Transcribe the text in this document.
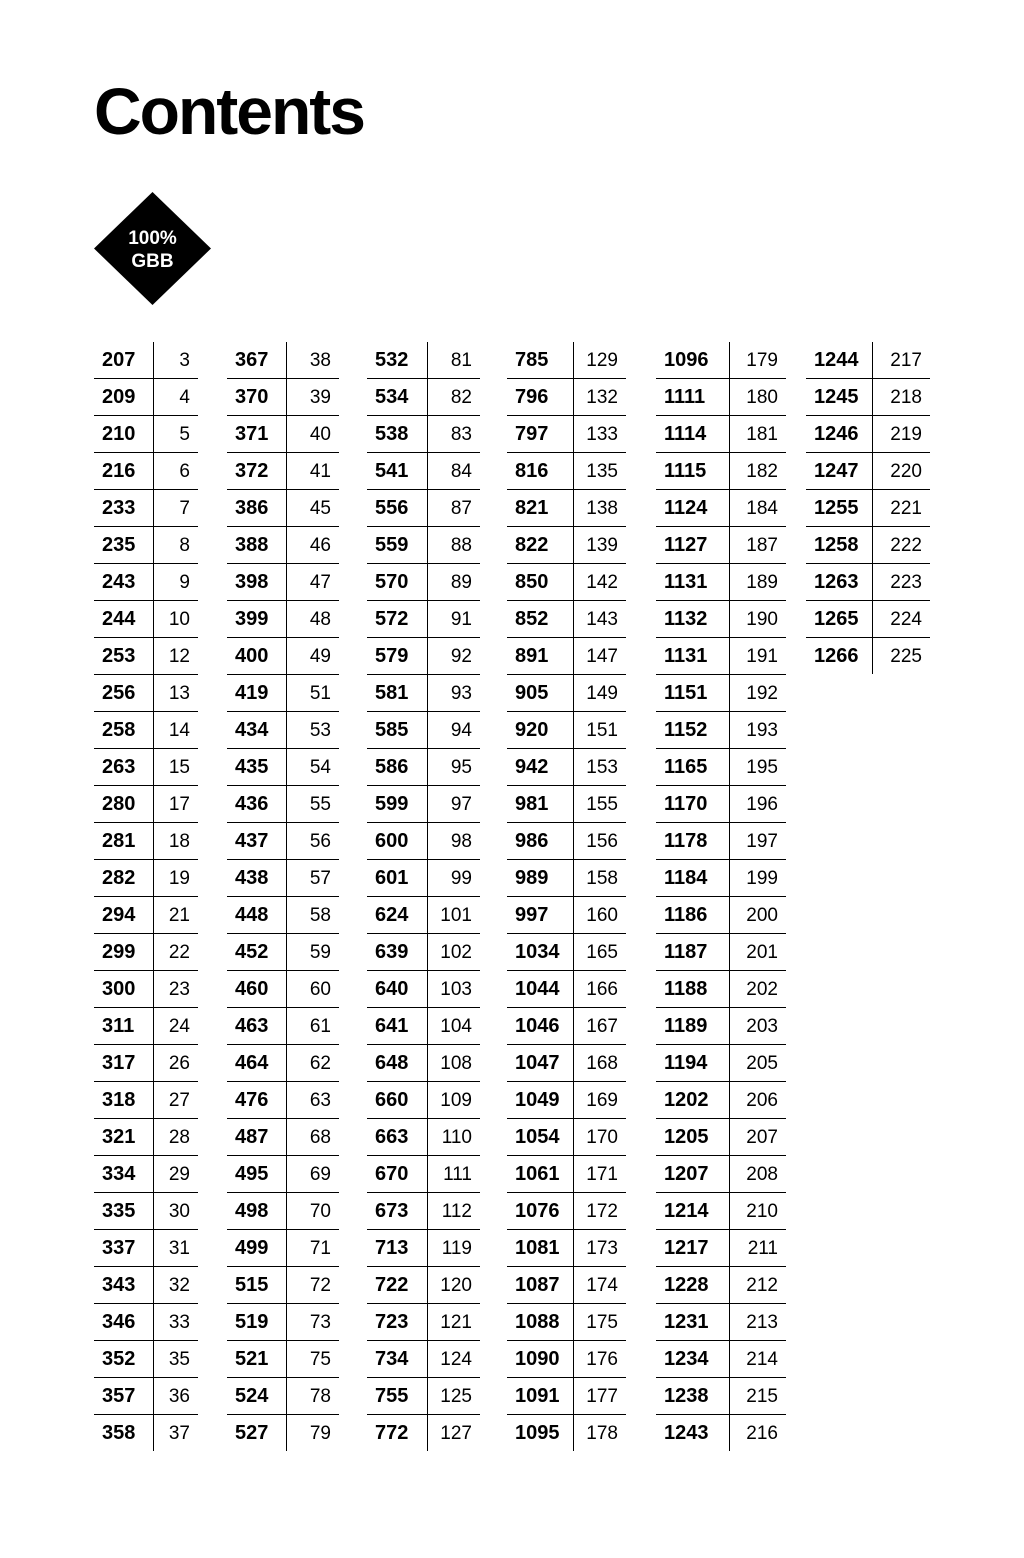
Contents
100%
GBB
207	3
209	4
210	5
216	6
233	7
235	8
243	9
244	10
253	12
256	13
258	14
263	15
280	17
281	18
282	19
294	21
299	22
300	23
311	24
317	26
318	27
321	28
334	29
335	30
337	31
343	32
346	33
352	35
357	36
358	37
367	38
370	39
371	40
372	41
386	45
388	46
398	47
399	48
400	49
419	51
434	53
435	54
436	55
437	56
438	57
448	58
452	59
460	60
463	61
464	62
476	63
487	68
495	69
498	70
499	71
515	72
519	73
521	75
524	78
527	79
532	81
534	82
538	83
541	84
556	87
559	88
570	89
572	91
579	92
581	93
585	94
586	95
599	97
600	98
601	99
624	101
639	102
640	103
641	104
648	108
660	109
663	110
670	111
673	112
713	119
722	120
723	121
734	124
755	125
772	127
785	129
796	132
797	133
816	135
821	138
822	139
850	142
852	143
891	147
905	149
920	151
942	153
981	155
986	156
989	158
997	160
1034	165
1044	166
1046	167
1047	168
1049	169
1054	170
1061	171
1076	172
1081	173
1087	174
1088	175
1090	176
1091	177
1095	178
1096	179
1111	180
1114	181
1115	182
1124	184
1127	187
1131	189
1132	190
1131	191
1151	192
1152	193
1165	195
1170	196
1178	197
1184	199
1186	200
1187	201
1188	202
1189	203
1194	205
1202	206
1205	207
1207	208
1214	210
1217	211
1228	212
1231	213
1234	214
1238	215
1243	216
1244	217
1245	218
1246	219
1247	220
1255	221
1258	222
1263	223
1265	224
1266	225
